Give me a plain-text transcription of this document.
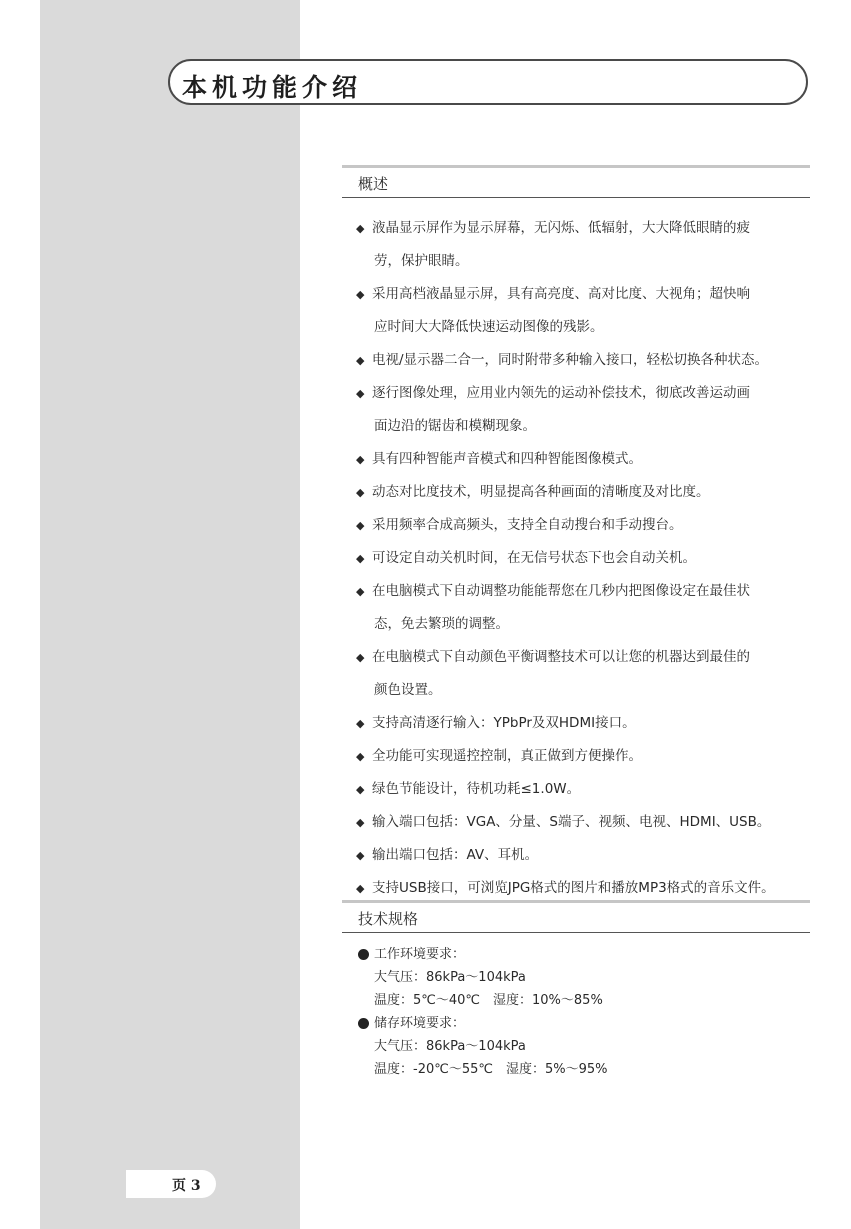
本机功能介绍
概述
◆ 液晶显示屏作为显示屏幕，无闪烁、低辐射，大大降低眼睛的疲
劳，保护眼睛。
◆ 采用高档液晶显示屏，具有高亮度、高对比度、大视角；超快响
应时间大大降低快速运动图像的残影。
◆ 电视/显示器二合一，同时附带多种输入接口，轻松切换各种状态。
◆ 逐行图像处理，应用业内领先的运动补偿技术，彻底改善运动画
面边沿的锯齿和模糊现象。
◆ 具有四种智能声音模式和四种智能图像模式。
◆ 动态对比度技术，明显提高各种画面的清晰度及对比度。
◆ 采用频率合成高频头，支持全自动搜台和手动搜台。
◆ 可设定自动关机时间，在无信号状态下也会自动关机。
◆ 在电脑模式下自动调整功能能帮您在几秒内把图像设定在最佳状
态，免去繁琐的调整。
◆ 在电脑模式下自动颜色平衡调整技术可以让您的机器达到最佳的
颜色设置。
◆ 支持高清逐行输入：YPbPr及双HDMI接口。
◆ 全功能可实现遥控控制，真正做到方便操作。
◆ 绿色节能设计，待机功耗≤1.0W。
◆ 输入端口包括：VGA、分量、S端子、视频、电视、HDMI、USB。
◆ 输出端口包括：AV、耳机。
◆ 支持USB接口，可浏览JPG格式的图片和播放MP3格式的音乐文件。
技术规格
工作环境要求：
大气压：86kPa～104kPa
温度：5℃～40℃　湿度：10%～85%
储存环境要求：
大气压：86kPa～104kPa
温度：-20℃～55℃　湿度：5%～95%
页 3
